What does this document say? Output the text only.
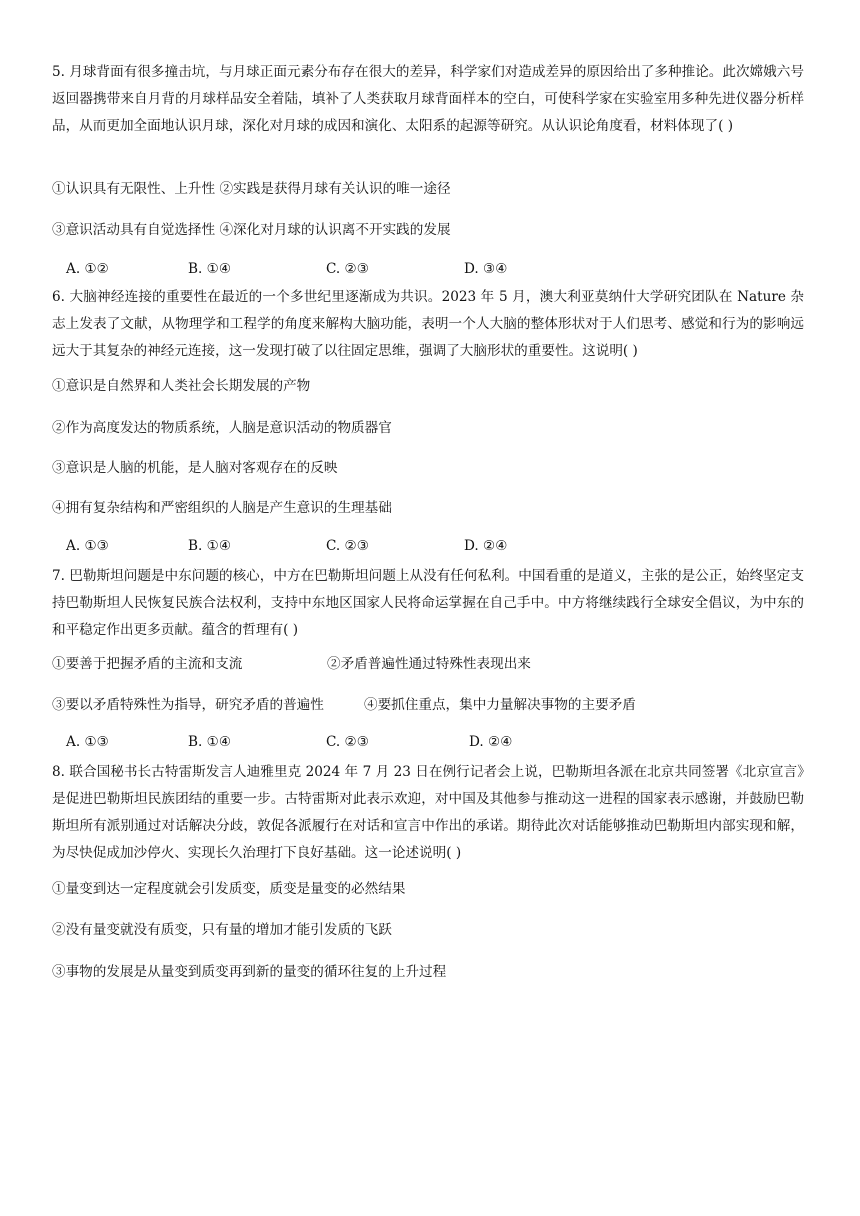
5. 月球背面有很多撞击坑，与月球正面元素分布存在很大的差异，科学家们对造成差异的原因给出了多种推论。此次嫦娥六号返回器携带来自月背的月球样品安全着陆，填补了人类获取月球背面样本的空白，可使科学家在实验室用多种先进仪器分析样品，从而更加全面地认识月球，深化对月球的成因和演化、太阳系的起源等研究。从认识论角度看，材料体现了( )
①认识具有无限性、上升性 ②实践是获得月球有关认识的唯一途径
③意识活动具有自觉选择性 ④深化对月球的认识离不开实践的发展
A. ①②	B. ①④	C. ②③	D. ③④
6. 大脑神经连接的重要性在最近的一个多世纪里逐渐成为共识。2023 年 5 月，澳大利亚莫纳什大学研究团队在 Nature 杂志上发表了文献，从物理学和工程学的角度来解构大脑功能，表明一个人大脑的整体形状对于人们思考、感觉和行为的影响远远大于其复杂的神经元连接，这一发现打破了以往固定思维，强调了大脑形状的重要性。这说明( )
①意识是自然界和人类社会长期发展的产物
②作为高度发达的物质系统，人脑是意识活动的物质器官
③意识是人脑的机能，是人脑对客观存在的反映
④拥有复杂结构和严密组织的人脑是产生意识的生理基础
A. ①③	B. ①④	C. ②③	D. ②④
7. 巴勒斯坦问题是中东问题的核心，中方在巴勒斯坦问题上从没有任何私利。中国看重的是道义，主张的是公正，始终坚定支持巴勒斯坦人民恢复民族合法权利，支持中东地区国家人民将命运掌握在自己手中。中方将继续践行全球安全倡议，为中东的和平稳定作出更多贡献。蕴含的哲理有( )
①要善于把握矛盾的主流和支流	②矛盾普遍性通过特殊性表现出来
③要以矛盾特殊性为指导，研究矛盾的普遍性	④要抓住重点，集中力量解决事物的主要矛盾
A. ①③	B. ①④	C. ②③	D. ②④
8. 联合国秘书长古特雷斯发言人迪雅里克 2024 年 7 月 23 日在例行记者会上说，巴勒斯坦各派在北京共同签署《北京宣言》是促进巴勒斯坦民族团结的重要一步。古特雷斯对此表示欢迎，对中国及其他参与推动这一进程的国家表示感谢，并鼓励巴勒斯坦所有派别通过对话解决分歧，敦促各派履行在对话和宣言中作出的承诺。期待此次对话能够推动巴勒斯坦内部实现和解，为尽快促成加沙停火、实现长久治理打下良好基础。这一论述说明( )
①量变到达一定程度就会引发质变，质变是量变的必然结果
②没有量变就没有质变，只有量的增加才能引发质的飞跃
③事物的发展是从量变到质变再到新的量变的循环往复的上升过程
